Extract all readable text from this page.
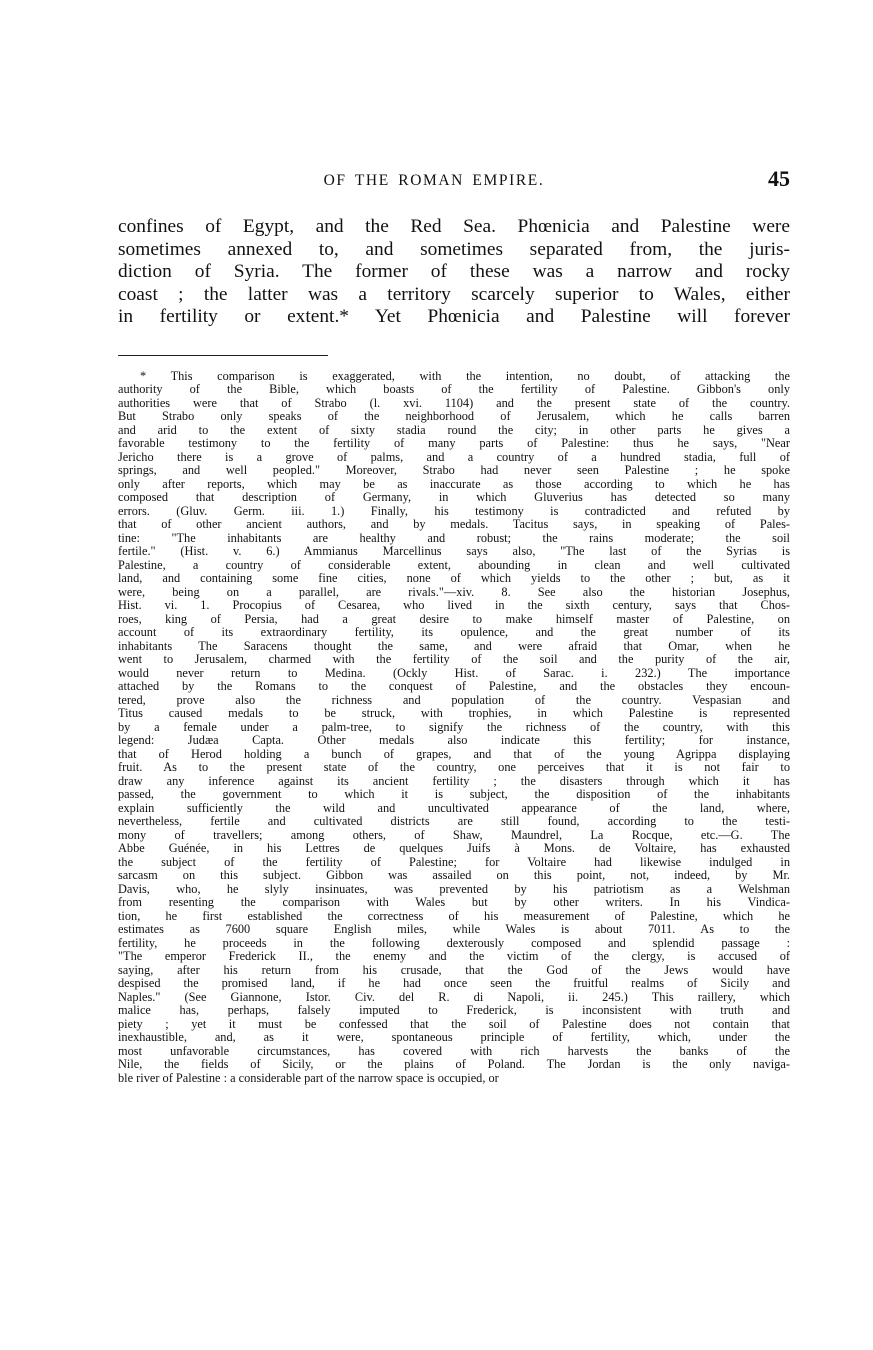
OF THE ROMAN EMPIRE.	45
confines of Egypt, and the Red Sea. Phœnicia and Palestine were
sometimes annexed to, and sometimes separated from, the juris-
diction of Syria. The former of these was a narrow and rocky
coast ; the latter was a territory scarcely superior to Wales, either
in fertility or extent.* Yet Phœnicia and Palestine will forever
* This comparison is exaggerated, with the intention, no doubt, of attacking the
authority of the Bible, which boasts of the fertility of Palestine. Gibbon's only
authorities were that of Strabo (l. xvi. 1104) and the present state of the country.
But Strabo only speaks of the neighborhood of Jerusalem, which he calls barren
and arid to the extent of sixty stadia round the city; in other parts he gives a
favorable testimony to the fertility of many parts of Palestine: thus he says, "Near
Jericho there is a grove of palms, and a country of a hundred stadia, full of
springs, and well peopled." Moreover, Strabo had never seen Palestine ; he spoke
only after reports, which may be as inaccurate as those according to which he has
composed that description of Germany, in which Gluverius has detected so many
errors. (Gluv. Germ. iii. 1.) Finally, his testimony is contradicted and refuted by
that of other ancient authors, and by medals. Tacitus says, in speaking of Pales-
tine: "The inhabitants are healthy and robust; the rains moderate; the soil
fertile." (Hist. v. 6.) Ammianus Marcellinus says also, "The last of the Syrias is
Palestine, a country of considerable extent, abounding in clean and well cultivated
land, and containing some fine cities, none of which yields to the other ; but, as it
were, being on a parallel, are rivals."—xiv. 8. See also the historian Josephus,
Hist. vi. 1. Procopius of Cesarea, who lived in the sixth century, says that Chos-
roes, king of Persia, had a great desire to make himself master of Palestine, on
account of its extraordinary fertility, its opulence, and the great number of its
inhabitants The Saracens thought the same, and were afraid that Omar, when he
went to Jerusalem, charmed with the fertility of the soil and the purity of the air,
would never return to Medina. (Ockly Hist. of Sarac. i. 232.) The importance
attached by the Romans to the conquest of Palestine, and the obstacles they encoun-
tered, prove also the richness and population of the country. Vespasian and
Titus caused medals to be struck, with trophies, in which Palestine is represented
by a female under a palm-tree, to signify the richness of the country, with this
legend: Judæa Capta. Other medals also indicate this fertility; for instance,
that of Herod holding a bunch of grapes, and that of the young Agrippa displaying
fruit. As to the present state of the country, one perceives that it is not fair to
draw any inference against its ancient fertility ; the disasters through which it has
passed, the government to which it is subject, the disposition of the inhabitants
explain sufficiently the wild and uncultivated appearance of the land, where,
nevertheless, fertile and cultivated districts are still found, according to the testi-
mony of travellers; among others, of Shaw, Maundrel, La Rocque, etc.—G. The
Abbe Guénée, in his Lettres de quelques Juifs à Mons. de Voltaire, has exhausted
the subject of the fertility of Palestine; for Voltaire had likewise indulged in
sarcasm on this subject. Gibbon was assailed on this point, not, indeed, by Mr.
Davis, who, he slyly insinuates, was prevented by his patriotism as a Welshman
from resenting the comparison with Wales but by other writers. In his Vindica-
tion, he first established the correctness of his measurement of Palestine, which he
estimates as 7600 square English miles, while Wales is about 7011. As to the
fertility, he proceeds in the following dexterously composed and splendid passage :
"The emperor Frederick II., the enemy and the victim of the clergy, is accused of
saying, after his return from his crusade, that the God of the Jews would have
despised the promised land, if he had once seen the fruitful realms of Sicily and
Naples." (See Giannone, Istor. Civ. del R. di Napoli, ii. 245.) This raillery, which
malice has, perhaps, falsely imputed to Frederick, is inconsistent with truth and
piety ; yet it must be confessed that the soil of Palestine does not contain that
inexhaustible, and, as it were, spontaneous principle of fertility, which, under the
most unfavorable circumstances, has covered with rich harvests the banks of the
Nile, the fields of Sicily, or the plains of Poland. The Jordan is the only naviga-
ble river of Palestine : a considerable part of the narrow space is occupied, or
